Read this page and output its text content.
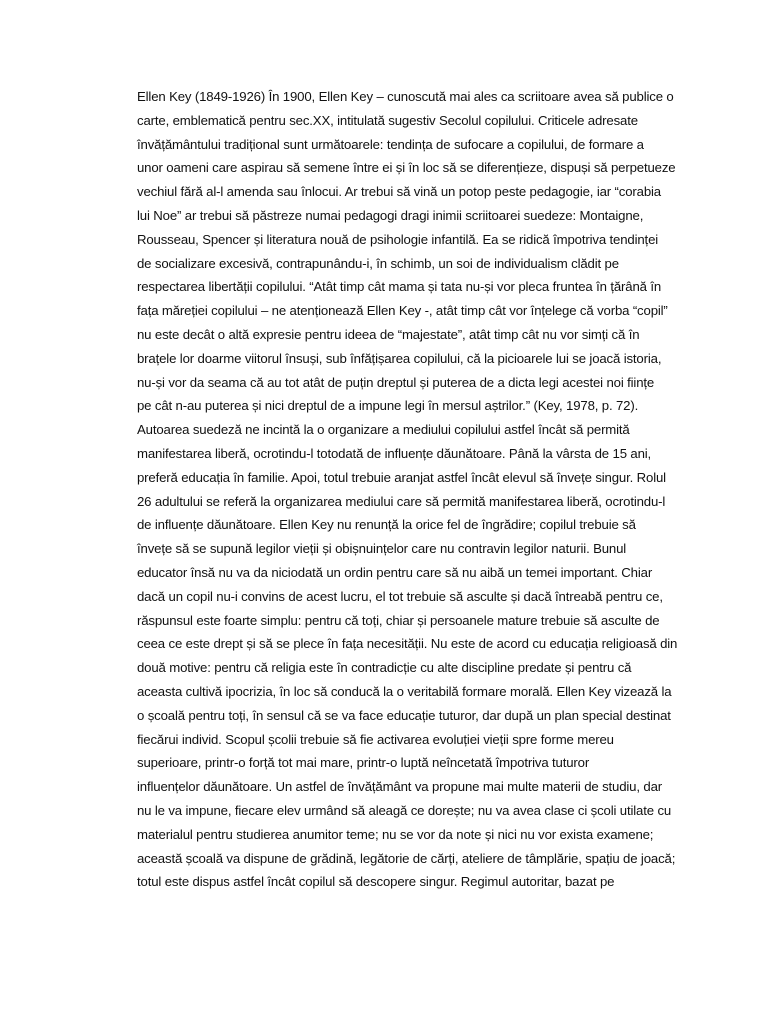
Ellen Key (1849-1926) În 1900, Ellen Key – cunoscută mai ales ca scriitoare avea să publice o
carte, emblematică pentru sec.XX, intitulată sugestiv Secolul copilului. Criticele adresate
învățământului tradițional sunt următoarele: tendința de sufocare a copilului, de formare a
unor oameni care aspirau să semene între ei și în loc să se diferențieze, dispuși să perpetueze
vechiul fără al-l amenda sau înlocui. Ar trebui să vină un potop peste pedagogie, iar “corabia
lui Noe” ar trebui să păstreze numai pedagogi dragi inimii scriitoarei suedeze: Montaigne,
Rousseau, Spencer și literatura nouă de psihologie infantilă. Ea se ridică împotriva tendinței
de socializare excesivă, contrapunându-i, în schimb, un soi de individualism clădit pe
respectarea libertății copilului. “Atât timp cât mama și tata nu-și vor pleca fruntea în țărână în
fața măreției copilului – ne atenționează Ellen Key -, atât timp cât vor înțelege că vorba “copil”
nu este decât o altă expresie pentru ideea de “majestate”, atât timp cât nu vor simți că în
brațele lor doarme viitorul însuși, sub înfățișarea copilului, că la picioarele lui se joacă istoria,
nu-și vor da seama că au tot atât de puțin dreptul și puterea de a dicta legi acestei noi ființe
pe cât n-au puterea și nici dreptul de a impune legi în mersul aștrilor.” (Key, 1978, p. 72).
Autoarea suedeză ne incintă la o organizare a mediului copilului astfel încât să permită
manifestarea liberă, ocrotindu-l totodată de influențe dăunătoare. Până la vârsta de 15 ani,
preferă educația în familie. Apoi, totul trebuie aranjat astfel încât elevul să învețe singur. Rolul
26 adultului se referă la organizarea mediului care să permită manifestarea liberă, ocrotindu-l
de influențe dăunătoare. Ellen Key nu renunță la orice fel de îngrădire; copilul trebuie să
învețe să se supună legilor vieții și obișnuințelor care nu contravin legilor naturii. Bunul
educator însă nu va da niciodată un ordin pentru care să nu aibă un temei important. Chiar
dacă un copil nu-i convins de acest lucru, el tot trebuie să asculte și dacă întreabă pentru ce,
răspunsul este foarte simplu: pentru că toți, chiar și persoanele mature trebuie să asculte de
ceea ce este drept și să se plece în fața necesității. Nu este de acord cu educația religioasă din
două motive: pentru că religia este în contradicție cu alte discipline predate și pentru că
aceasta cultivă ipocrizia, în loc să conducă la o veritabilă formare morală. Ellen Key vizează la
o școală pentru toți, în sensul că se va face educație tuturor, dar după un plan special destinat
fiecărui individ. Scopul școlii trebuie să fie activarea evoluției vieții spre forme mereu
superioare, printr-o forță tot mai mare, printr-o luptă neîncetată împotriva tuturor
influențelor dăunătoare. Un astfel de învățământ va propune mai multe materii de studiu, dar
nu le va impune, fiecare elev urmând să aleagă ce dorește; nu va avea clase ci școli utilate cu
materialul pentru studierea anumitor teme; nu se vor da note și nici nu vor exista examene;
această școală va dispune de grădină, legătorie de cărți, ateliere de tâmplărie, spațiu de joacă;
totul este dispus astfel încât copilul să descopere singur. Regimul autoritar, bazat pe
